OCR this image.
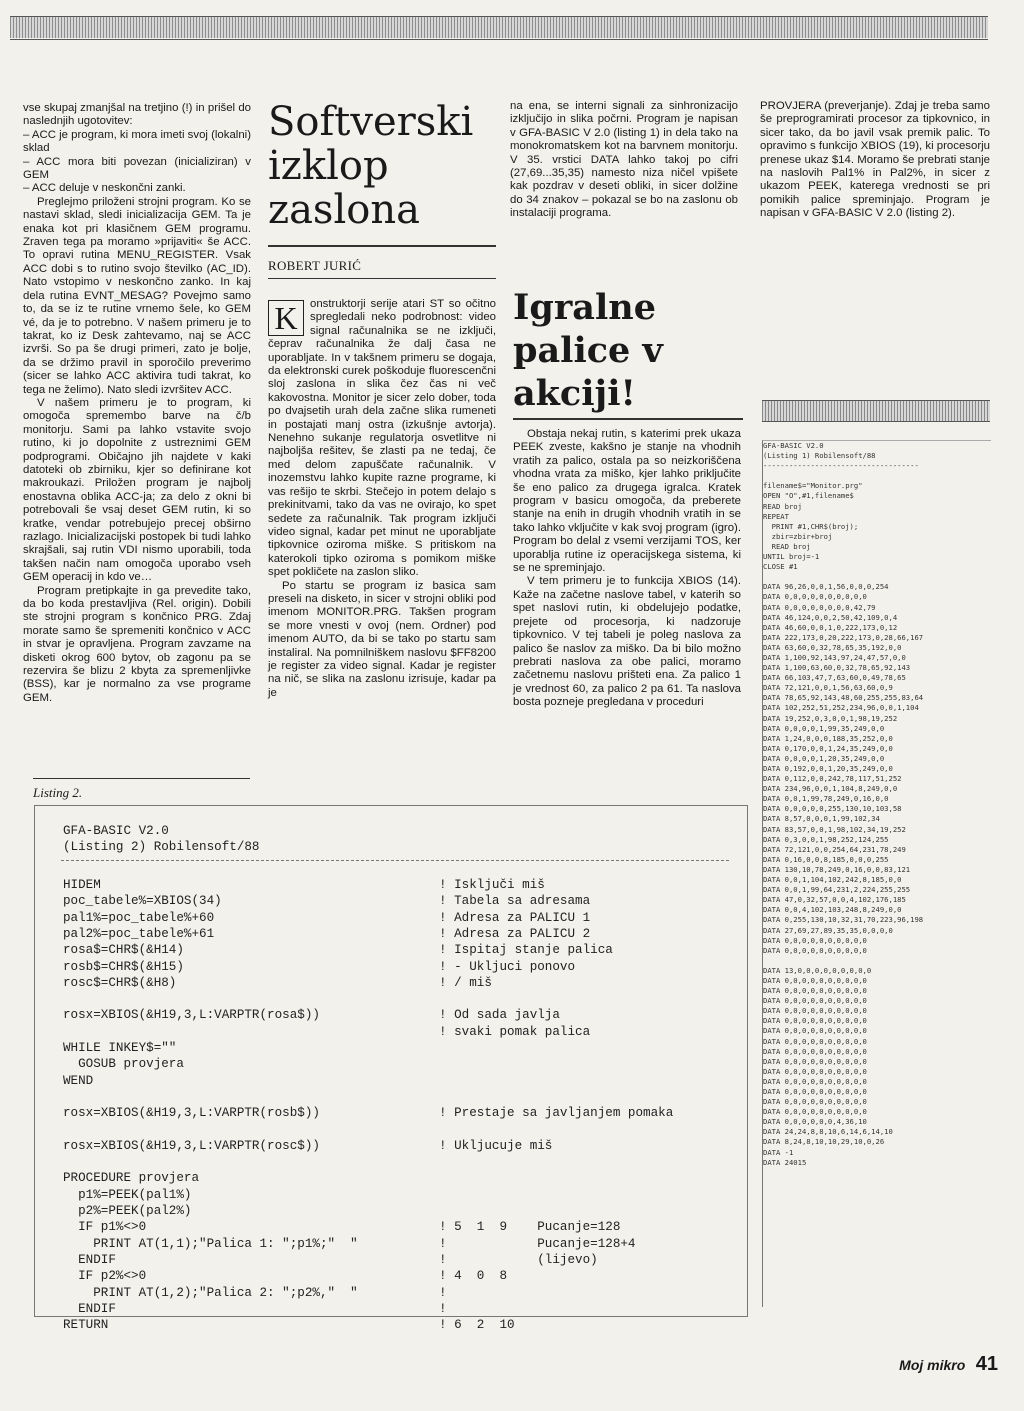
vse skupaj zmanjšal na tretjino (!) in prišel do naslednjih ugotovitev:

– ACC je program, ki mora imeti svoj (lokalni) sklad

– ACC mora biti povezan (inicializiran) v GEM

– ACC deluje v neskončni zanki.

Preglejmo priloženi strojni program. Ko se nastavi sklad, sledi inicializacija GEM. Ta je enaka kot pri klasičnem GEM programu. Zraven tega pa moramo »prijaviti« še ACC. To opravi rutina MENU_REGISTER. Vsak ACC dobi s to rutino svojo številko (AC_ID). Nato vstopimo v neskončno zanko. In kaj dela rutina EVNT_MESAG? Povejmo samo to, da se iz te rutine vrnemo šele, ko GEM vé, da je to potrebno. V našem primeru je to takrat, ko iz Desk zahtevamo, naj se ACC izvrši. So pa še drugi primeri, zato je bolje, da se držimo pravil in sporočilo preverimo (sicer se lahko ACC aktivira tudi takrat, ko tega ne želimo). Nato sledi izvršitev ACC.

V našem primeru je to program, ki omogoča spremembo barve na č/b monitorju. Sami pa lahko vstavite svojo rutino, ki jo dopolnite z ustreznimi GEM podprogrami. Običajno jih najdete v kaki datoteki ob zbirniku, kjer so definirane kot makroukazi. Priložen program je najbolj enostavna oblika ACC-ja; za delo z okni bi potrebovali še vsaj deset GEM rutin, ki so kratke, vendar potrebujejo precej obširno razlago. Inicializacijski postopek bi tudi lahko skrajšali, saj rutin VDI nismo uporabili, toda takšen način nam omogoča uporabo vseh GEM operacij in kdo ve…

Program pretipkajte in ga prevedite tako, da bo koda prestavljiva (Rel. origin). Dobili ste strojni program s končnico PRG. Zdaj morate samo še spremeniti končnico v ACC in stvar je opravljena. Program zavzame na disketi okrog 600 bytov, ob zagonu pa se rezervira še blizu 2 kbyta za spremenljivke (BSS), kar je normalno za vse programe GEM.

Softverski izklop zaslona
ROBERT JURIĆ
K	onstruktorji serije atari ST so očitno spregledali neko podrobnost: video signal računalnika se ne izključi, čeprav računalnika že dalj časa ne uporabljate. In v takšnem primeru se dogaja, da elektronski curek poškoduje fluorescenčni sloj zaslona in slika čez čas ni več kakovostna. Monitor je sicer zelo dober, toda po dvajsetih urah dela začne slika rumeneti in postajati manj ostra (izkušnje avtorja). Nenehno sukanje regulatorja osvetlitve ni najboljša rešitev, še zlasti pa ne tedaj, če med delom zapuščate računalnik. V inozemstvu lahko kupite razne programe, ki vas rešijo te skrbi. Stečejo in potem delajo s prekinitvami, tako da vas ne ovirajo, ko spet sedete za računalnik. Tak program izključi video signal, kadar pet minut ne uporabljate tipkovnice oziroma miške. S pritiskom na katerokoli tipko oziroma s pomikom miške spet pokličete na zaslon sliko.

Po startu se program iz basica sam preseli na disketo, in sicer v strojni obliki pod imenom MONITOR.PRG. Takšen program se more vnesti v ovoj (nem. Ordner) pod imenom AUTO, da bi se tako po startu sam instaliral. Na pomnilniškem naslovu $FF8200 je register za video signal. Kadar je register na nič, se slika na zaslonu izrisuje, kadar pa je

na ena, se interni signali za sinhronizacijo izključijo in slika počrni. Program je napisan v GFA-BASIC V 2.0 (listing 1) in dela tako na monokromatskem kot na barvnem monitorju. V 35. vrstici DATA lahko takoj po cifri (27,69...35,35) namesto niza ničel vpišete kak pozdrav v deseti obliki, in sicer dolžine do 34 znakov – pokazal se bo na zaslonu ob instalaciji programa.

Igralne palice v akciji!

Obstaja nekaj rutin, s katerimi prek ukaza PEEK zveste, kakšno je stanje na vhodnih vratih za palico, ostala pa so neizkoriščena vhodna vrata za miško, kjer lahko priključite še eno palico za drugega igralca. Kratek program v basicu omogoča, da preberete stanje na enih in drugih vhodnih vratih in se tako lahko vključite v kak svoj program (igro). Program bo delal z vsemi verzijami TOS, ker uporablja rutine iz operacijskega sistema, ki se ne spreminjajo.

V tem primeru je to funkcija XBIOS (14). Kaže na začetne naslove tabel, v katerih so spet naslovi rutin, ki obdelujejo podatke, prejete od procesorja, ki nadzoruje tipkovnico. V tej tabeli je poleg naslova za palico še naslov za miško. Da bi bilo možno prebrati naslova za obe palici, moramo začetnemu naslovu prišteti ena. Za palico 1 je vrednost 60, za palico 2 pa 61. Ta naslova bosta pozneje pregledana v proceduri

PROVJERA (preverjanje). Zdaj je treba samo še preprogramirati procesor za tipkovnico, in sicer tako, da bo javil vsak premik palic. To opravimo s funkcijo XBIOS (19), ki procesorju prenese ukaz $14. Moramo še prebrati stanje na naslovih Pal1% in Pal2%, in sicer z ukazom PEEK, katerega vrednosti se pri pomikih palice spreminjajo. Program je napisan v GFA-BASIC V 2.0 (listing 2).

GFA-BASIC V2.0
(Listing 1) Robilensoft/88
------------------------------------

filename$="Monitor.prg"
OPEN "O",#1,filename$
READ broj
REPEAT
PRINT #1,CHR$(broj);
zbir=zbir+broj
READ broj
UNTIL broj=-1
CLOSE #1

DATA 96,26,0,0,1,56,0,0,0,254
DATA 0,0,0,0,0,0,0,0,0,0
DATA 0,0,0,0,0,0,0,0,42,79
DATA 46,124,0,0,2,50,42,109,0,4
DATA 46,60,0,0,1,0,222,173,0,12
DATA 222,173,0,20,222,173,0,28,66,167
DATA 63,60,0,32,78,65,35,192,0,0
DATA 1,100,92,143,97,24,47,57,0,0
DATA 1,100,63,60,0,32,78,65,92,143
DATA 66,103,47,7,63,60,0,49,78,65
DATA 72,121,0,0,1,56,63,60,0,9
DATA 78,65,92,143,48,60,255,255,83,64
DATA 102,252,51,252,234,96,0,0,1,104
DATA 19,252,0,3,0,0,1,98,19,252
DATA 0,0,0,0,1,99,35,249,0,0
DATA 1,24,0,0,0,188,35,252,0,0
DATA 0,170,0,0,1,24,35,249,0,0
DATA 0,0,0,0,1,20,35,249,0,0
DATA 0,192,0,0,1,20,35,249,0,0
DATA 0,112,0,0,242,78,117,51,252
DATA 234,96,0,0,1,104,8,249,0,0
DATA 0,0,1,99,78,249,0,16,0,0
DATA 0,0,0,0,0,255,130,10,103,58
DATA 8,57,0,0,0,1,99,102,34
DATA 83,57,0,0,1,98,102,34,19,252
DATA 0,3,0,0,1,98,252,124,255
DATA 72,121,0,0,254,64,231,78,249
DATA 0,16,0,0,8,185,0,0,0,255
DATA 130,10,78,249,0,16,0,0,83,121
DATA 0,0,1,104,102,242,8,185,0,0
DATA 0,0,1,99,64,231,2,224,255,255
DATA 47,0,32,57,0,0,4,102,176,185
DATA 0,0,4,102,103,248,8,249,0,0
DATA 0,255,130,10,32,31,70,223,96,198
DATA 27,69,27,89,35,35,0,0,0,0
DATA 0,0,0,0,0,0,0,0,0,0
DATA 0,0,0,0,0,0,0,0,0,0

DATA 13,0,0,0,0,0,0,0,0,0
DATA 0,0,0,0,0,0,0,0,0,0
DATA 0,0,0,0,0,0,0,0,0,0
DATA 0,0,0,0,0,0,0,0,0,0
DATA 0,0,0,0,0,0,0,0,0,0
DATA 0,0,0,0,0,0,0,0,0,0
DATA 0,0,0,0,0,0,0,0,0,0
DATA 0,0,0,0,0,0,0,0,0,0
DATA 0,0,0,0,0,0,0,0,0,0
DATA 0,0,0,0,0,0,0,0,0,0
DATA 0,0,0,0,0,0,0,0,0,0
DATA 0,0,0,0,0,0,0,0,0,0
DATA 0,0,0,0,0,0,0,0,0,0
DATA 0,0,0,0,0,0,0,0,0,0
DATA 0,0,0,0,0,0,0,0,0,0
DATA 0,0,0,0,0,0,4,36,10
DATA 24,24,8,8,10,6,14,6,14,10
DATA 8,24,8,10,10,29,10,0,26
DATA -1
DATA 24015
Listing 2.
GFA-BASIC V2.0
(Listing 2) Robilensoft/88
HIDEM	! Isključi miš
poc_tabele%=XBIOS(34)	! Tabela sa adresama
pal1%=poc_tabele%+60	! Adresa za PALICU 1
pal2%=poc_tabele%+61	! Adresa za PALICU 2
rosa$=CHR$(&H14)	! Ispitaj stanje palica
rosb$=CHR$(&H15)	! - Ukljuci ponovo
rosc$=CHR$(&H8)	! / miš
rosx=XBIOS(&H19,3,L:VARPTR(rosa$))	! Od sada javlja
! svaki pomak palica
WHILE INKEY$=""
GOSUB provjera
WEND
rosx=XBIOS(&H19,3,L:VARPTR(rosb$))	! Prestaje sa javljanjem pomaka
rosx=XBIOS(&H19,3,L:VARPTR(rosc$))	! Ukljucuje miš
PROCEDURE provjera
p1%=PEEK(pal1%)
p2%=PEEK(pal2%)
IF p1%<>0	! 5  1  9    Pucanje=128
PRINT AT(1,1);"Palica 1: ";p1%;"  "	!            Pucanje=128+4
ENDIF	!            (lijevo)
IF p2%<>0	! 4  0  8
PRINT AT(1,2);"Palica 2: ";p2%,"  "	!
ENDIF	!
RETURN	! 6  2  10
Moj mikro 41
